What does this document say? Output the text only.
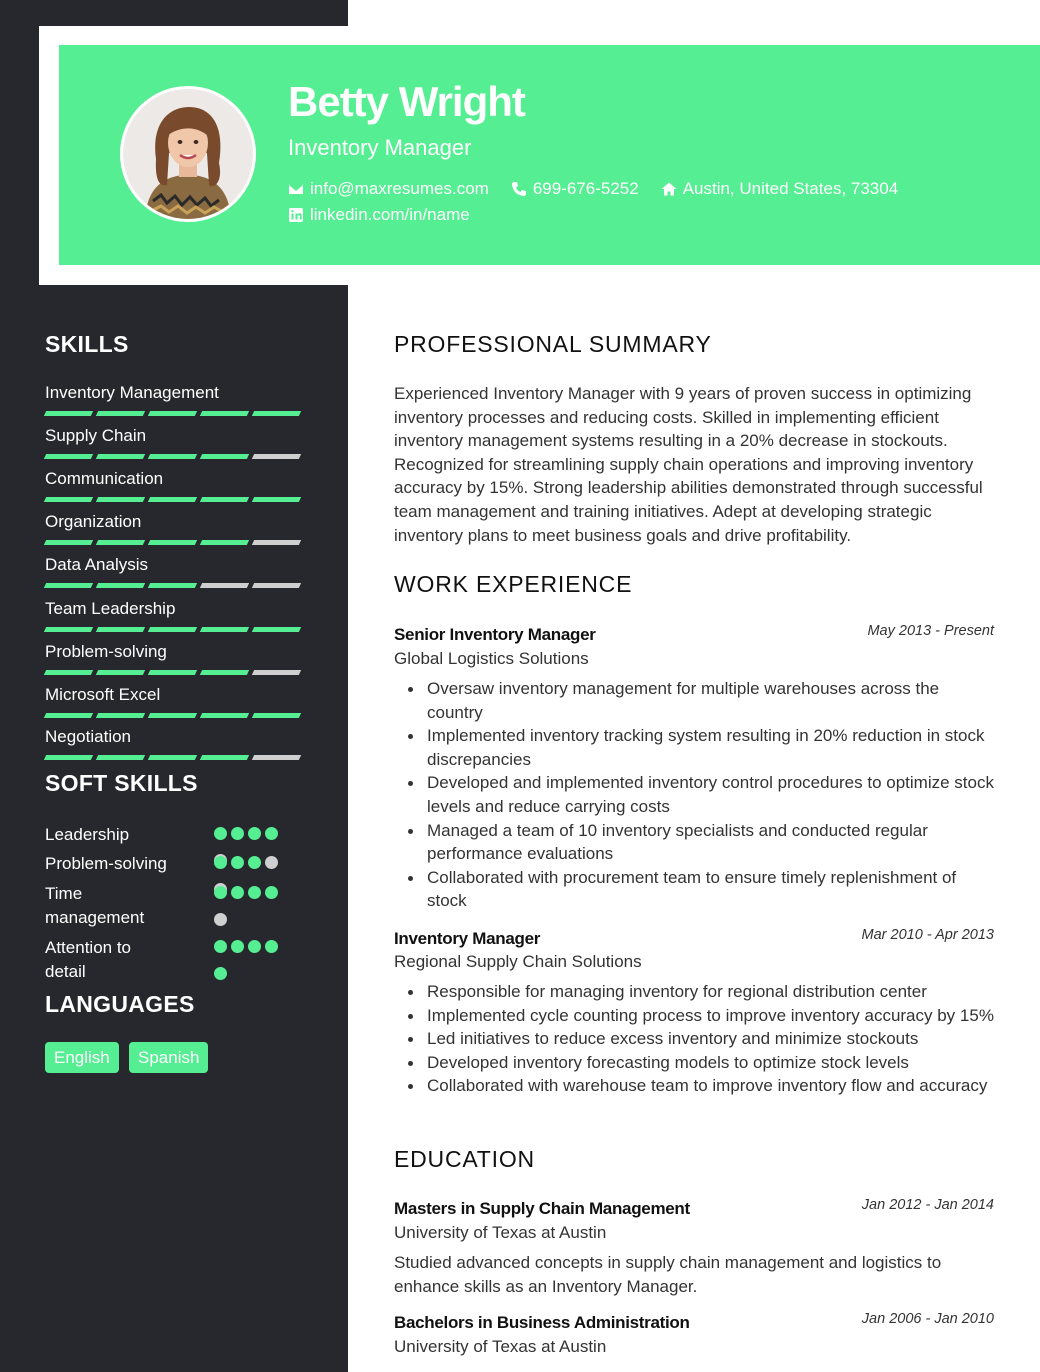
Betty Wright
Inventory Manager
info@maxresumes.com	699-676-5252	Austin, United States, 73304
linkedin.com/in/name
SKILLS
Inventory Management
Supply Chain
Communication
Organization
Data Analysis
Team Leadership
Problem-solving
Microsoft Excel
Negotiation
SOFT SKILLS
Leadership
Problem-solving
Time management
Attention to detail
LANGUAGES
English	Spanish
PROFESSIONAL SUMMARY
Experienced Inventory Manager with 9 years of proven success in optimizing inventory processes and reducing costs. Skilled in implementing efficient inventory management systems resulting in a 20% decrease in stockouts. Recognized for streamlining supply chain operations and improving inventory accuracy by 15%. Strong leadership abilities demonstrated through successful team management and training initiatives. Adept at developing strategic inventory plans to meet business goals and drive profitability.
WORK EXPERIENCE
Senior Inventory Manager	May 2013 - Present
Global Logistics Solutions
Oversaw inventory management for multiple warehouses across the country
Implemented inventory tracking system resulting in 20% reduction in stock discrepancies
Developed and implemented inventory control procedures to optimize stock levels and reduce carrying costs
Managed a team of 10 inventory specialists and conducted regular performance evaluations
Collaborated with procurement team to ensure timely replenishment of stock
Inventory Manager	Mar 2010 - Apr 2013
Regional Supply Chain Solutions
Responsible for managing inventory for regional distribution center
Implemented cycle counting process to improve inventory accuracy by 15%
Led initiatives to reduce excess inventory and minimize stockouts
Developed inventory forecasting models to optimize stock levels
Collaborated with warehouse team to improve inventory flow and accuracy
EDUCATION
Masters in Supply Chain Management	Jan 2012 - Jan 2014
University of Texas at Austin
Studied advanced concepts in supply chain management and logistics to enhance skills as an Inventory Manager.
Bachelors in Business Administration	Jan 2006 - Jan 2010
University of Texas at Austin
